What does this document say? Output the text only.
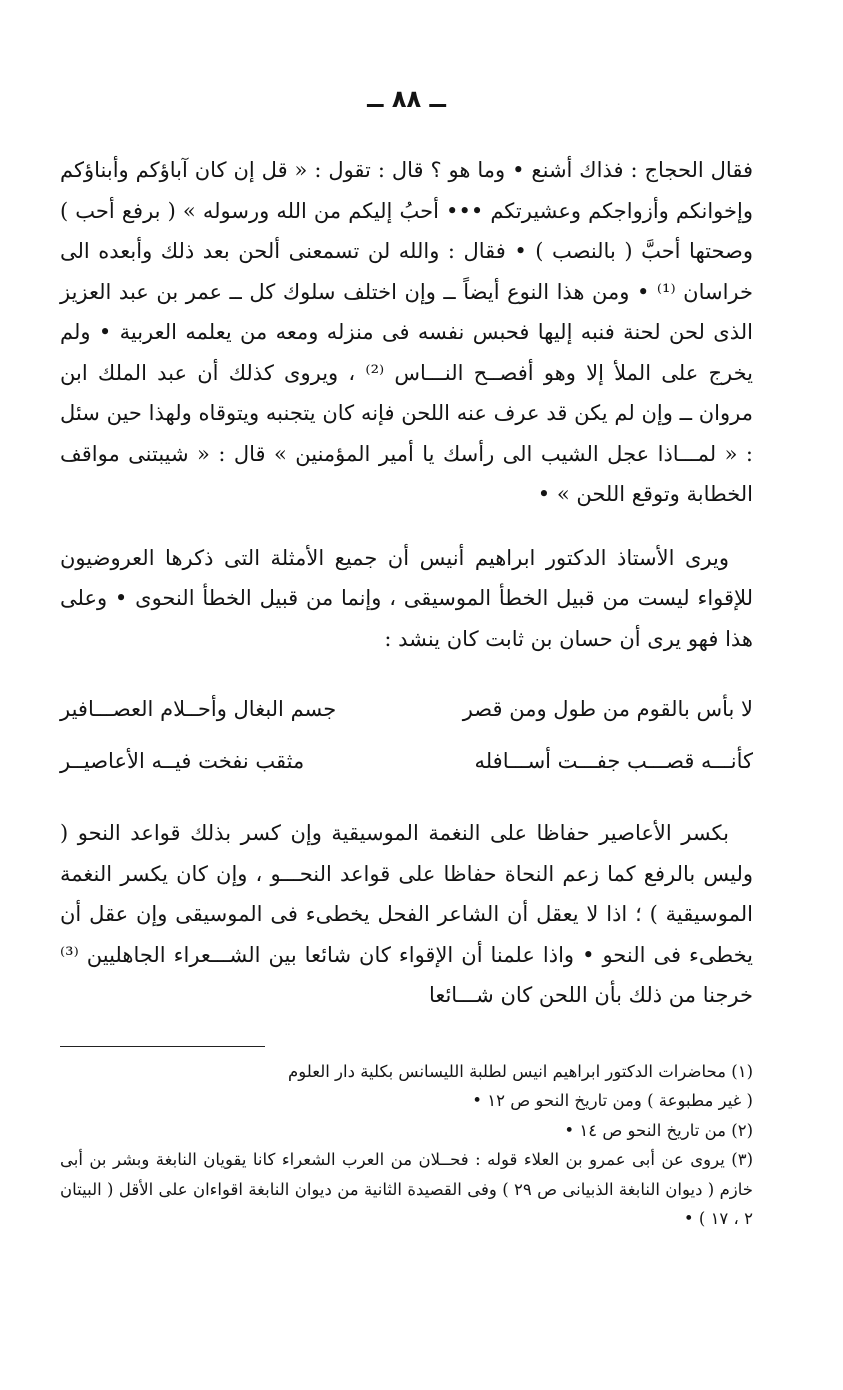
ــ ٨٨ ــ

فقال الحجاج : فذاك أشنع • وما هو ؟ قال : تقول : « قل إن كان آباؤكم وأبناؤكم وإخوانكم وأزواجكم وعشيرتكم ••• أحبُ إليكم من الله ورسوله » ( برفع أحب ) وصحتها أحبَّ ( بالنصب ) • فقال : والله لن تسمعنى ألحن بعد ذلك وأبعده الى خراسان ⁽¹⁾ • ومن هذا النوع أيضاً ــ وإن اختلف سلوك كل ــ عمر بن عبد العزيز الذى لحن لحنة فنبه إليها فحبس نفسه فى منزله ومعه من يعلمه العربية • ولم يخرج على الملأ إلا وهو أفصــح النـــاس ⁽²⁾ ، ويروى كذلك أن عبد الملك ابن مروان ــ وإن لم يكن قد عرف عنه اللحن فإنه كان يتجنبه ويتوقاه ولهذا حين سئل : « لمـــاذا عجل الشيب الى رأسك يا أمير المؤمنين » قال : « شيبتنى مواقف الخطابة وتوقع اللحن » •

ويرى الأستاذ الدكتور ابراهيم أنيس أن جميع الأمثلة التى ذكرها العروضيون للإقواء ليست من قبيل الخطأ الموسيقى ، وإنما من قبيل الخطأ النحوى • وعلى هذا فهو يرى أن حسان بن ثابت كان ينشد :

لا بأس بالقوم من طول ومن قصر
جسم البغال وأحــلام العصـــافير
كأنـــه قصـــب جفـــت أســـافله
مثقب نفخت فيــه الأعاصيــر

بكسر الأعاصير حفاظا على النغمة الموسيقية وإن كسر بذلك قواعد النحو ( وليس بالرفع كما زعم النحاة حفاظا على قواعد النحـــو ، وإن كان يكسر النغمة الموسيقية ) ؛ اذا لا يعقل أن الشاعر الفحل يخطىء فى الموسيقى وإن عقل أن يخطىء فى النحو • واذا علمنا أن الإقواء كان شائعا بين الشـــعراء الجاهليين ⁽³⁾ خرجنا من ذلك بأن اللحن كان شـــائعا

(١) محاضرات الدكتور ابراهيم انيس لطلبة الليسانس بكلية دار العلوم

( غير مطبوعة ) ومن تاريخ النحو ص ١٢ •

(٢) من تاريخ النحو ص ١٤ •

(٣) يروى عن أبى عمرو بن العلاء قوله : فحــلان من العرب الشعراء كانا يقويان النابغة وبشر بن أبى خازم ( ديوان النابغة الذبيانى ص ٢٩ ) وفى القصيدة الثانية من ديوان النابغة اقواءان على الأقل ( البيتان ٢ ، ١٧ ) •
